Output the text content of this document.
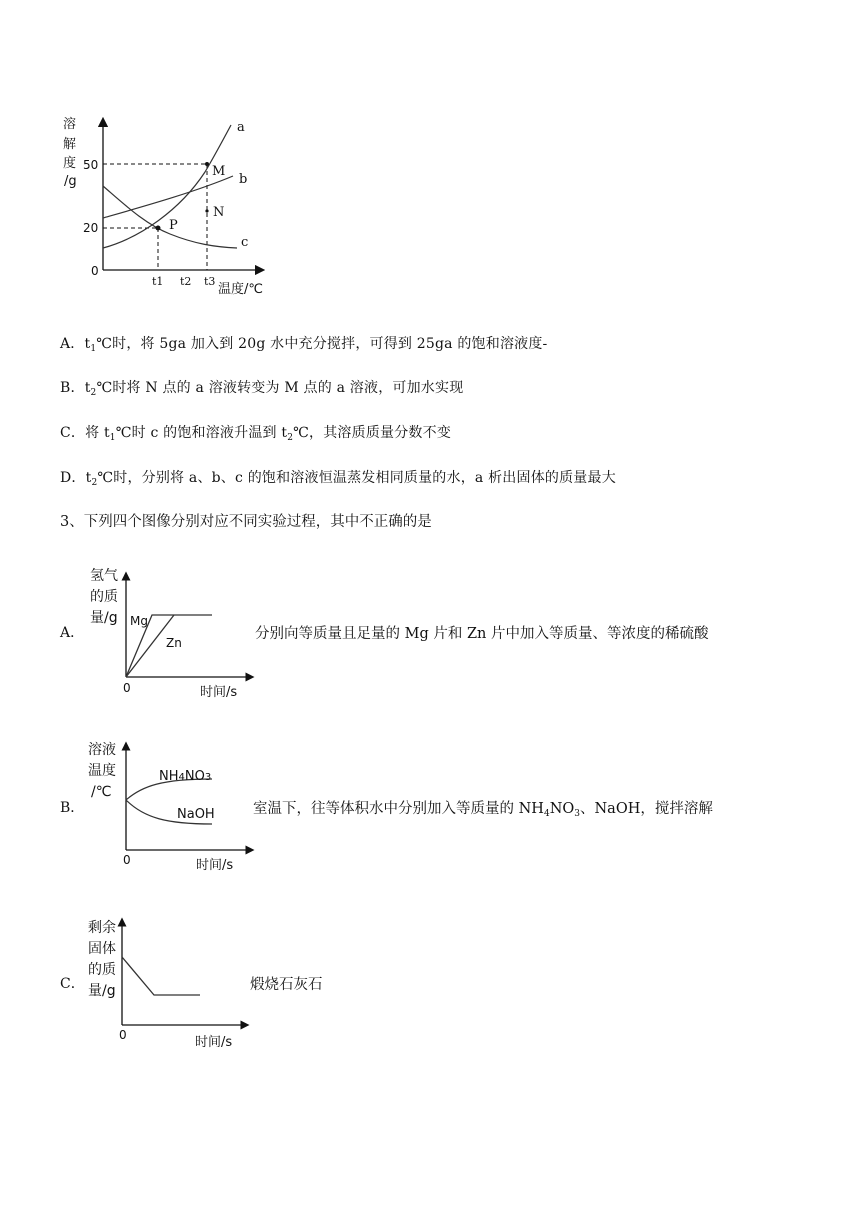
溶
解
度
/g
50
20
0
P
M
N
a
b
c
t1 t2 t3
温度/℃
A．$t_1℃$时，将 5ga 加入到 20g 水中充分搅拌，可得到 25ga 的饱和溶液度-
B．$t_2℃$时将 N 点的 a 溶液转变为 M 点的 a 溶液，可加水实现
C．将 $t_1℃$时 c 的饱和溶液升温到 $t_2℃$，其溶质质量分数不变
D．$t_2℃$时，分别将 a、b、c 的饱和溶液恒温蒸发相同质量的水，a 析出固体的质量最大
3、下列四个图像分别对应不同实验过程，其中不正确的是
A．
氢气
的质
量/g Mg
Zn
0	时间/s
分别向等质量且足量的 Mg 片和 Zn 片中加入等质量、等浓度的稀硫酸
B．
溶液
温度
/℃
NH4NO3
NaOH
0	时间/s
室温下，往等体积水中分别加入等质量的 $NH_4NO_3$、NaOH，搅拌溶解
C．
剩余
固体
的质
量/g
0	时间/s
煅烧石灰石
